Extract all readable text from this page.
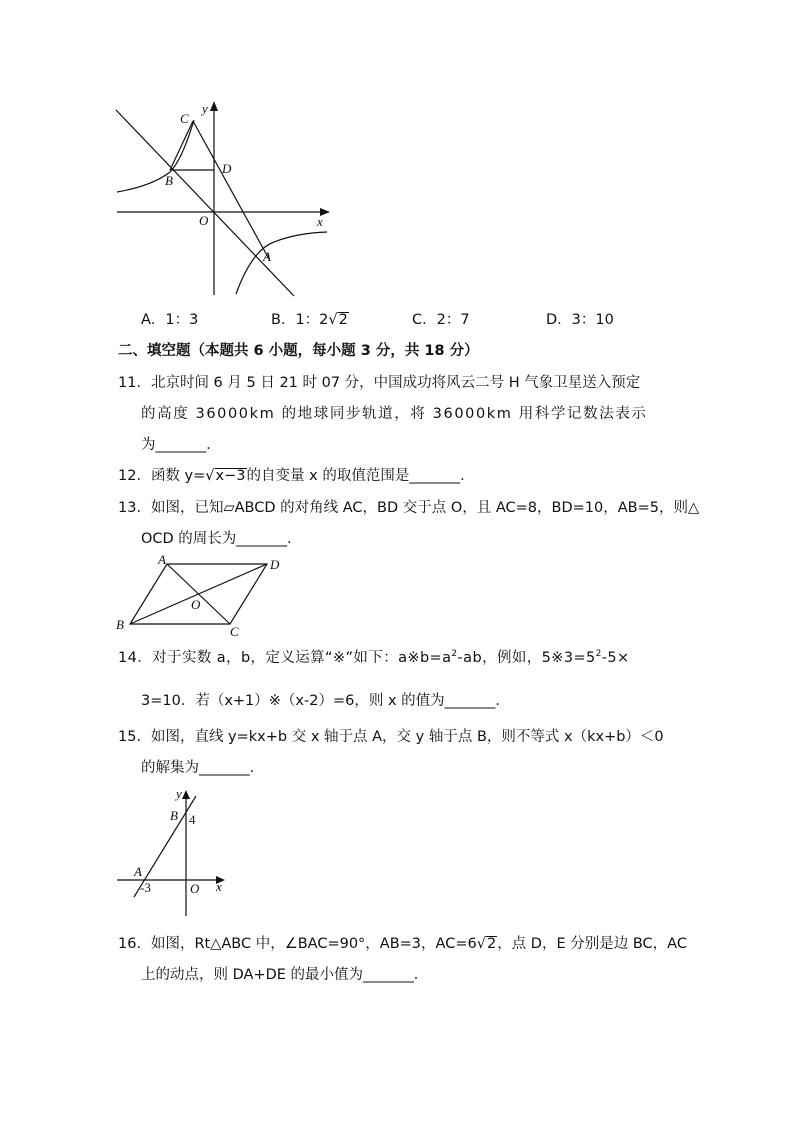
C
y
D
B
O	x
A
A．1：3	B．1：2√2	C．2：7	D．3：10
二、填空题（本题共 6 小题，每小题 3 分，共 18 分）
11．北京时间 6 月 5 日 21 时 07 分，中国成功将风云二号 H 气象卫星送入预定
的高度 36000km 的地球同步轨道，将 36000km 用科学记数法表示
为_______．
12．函数 y=√x−3的自变量 x 的取值范围是_______．
13．如图，已知▱ABCD 的对角线 AC，BD 交于点 O，且 AC=8，BD=10，AB=5，则△
OCD 的周长为_______．
A	D
O
B	C
14．对于实数 a，b，定义运算“※”如下：$a※b=a^2-ab$，例如，$5※3=5^2-5\times$
3=10．若（x+1）※（x-2）=6，则 x 的值为_______．
15．如图，直线 y=kx+b 交 x 轴于点 A，交 y 轴于点 B，则不等式 x（kx+b）＜0
的解集为_______．
y
B 4
A
-3	O x
16．如图，Rt△ABC 中，∠BAC=90°，AB=3，AC=6√2，点 D，E 分别是边 BC，AC
上的动点，则 DA+DE 的最小值为_______．
